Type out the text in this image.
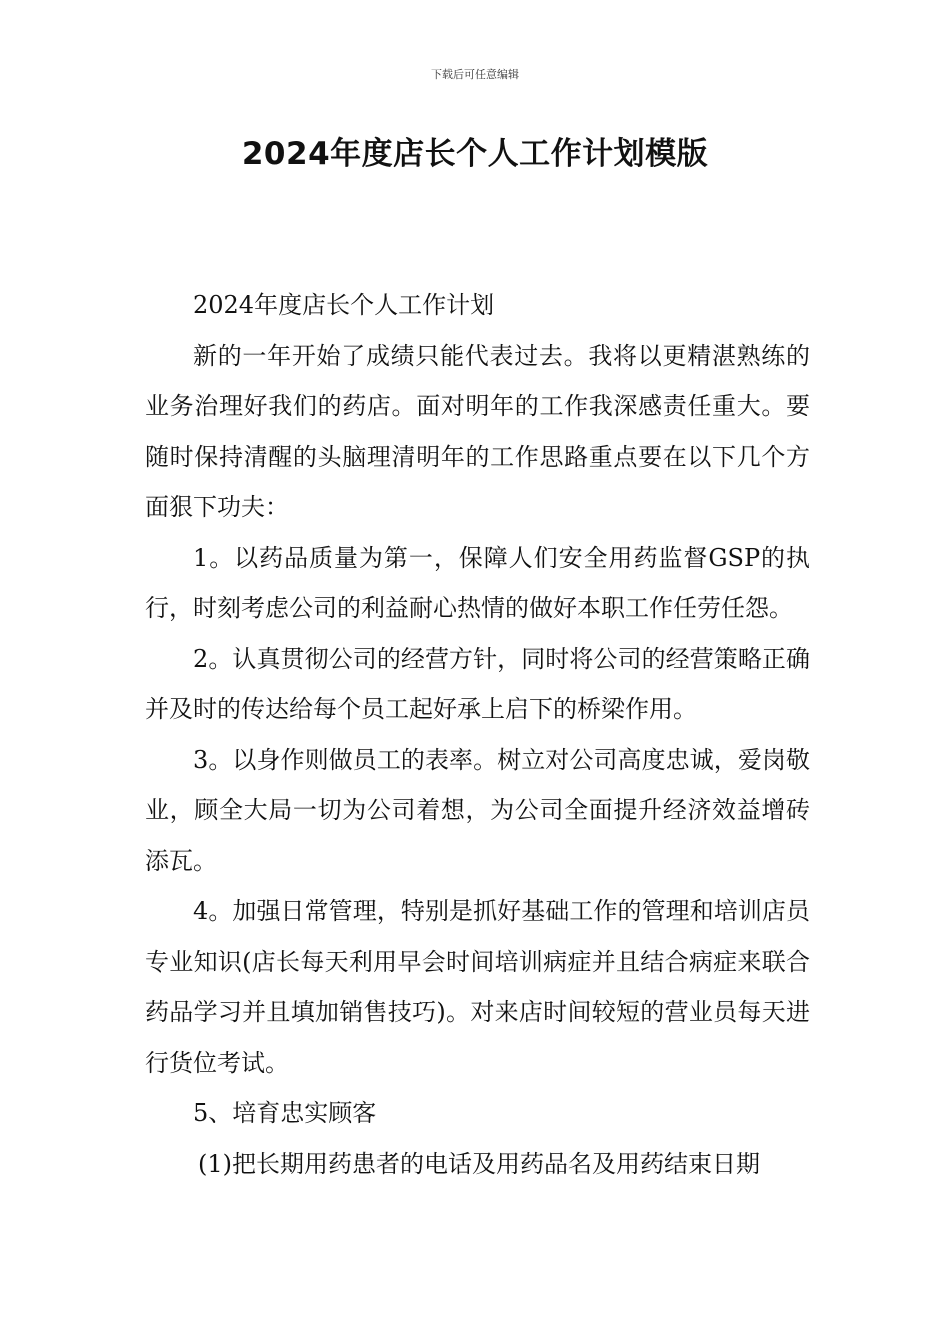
下载后可任意编辑
2024年度店长个人工作计划模版

2024年度店长个人工作计划

新的一年开始了成绩只能代表过去。我将以更精湛熟练的业务治理好我们的药店。面对明年的工作我深感责任重大。要随时保持清醒的头脑理清明年的工作思路重点要在以下几个方面狠下功夫：

1。以药品质量为第一，保障人们安全用药监督GSP的执行，时刻考虑公司的利益耐心热情的做好本职工作任劳任怨。

2。认真贯彻公司的经营方针，同时将公司的经营策略正确并及时的传达给每个员工起好承上启下的桥梁作用。

3。以身作则做员工的表率。树立对公司高度忠诚，爱岗敬业，顾全大局一切为公司着想，为公司全面提升经济效益增砖添瓦。

4。加强日常管理，特别是抓好基础工作的管理和培训店员专业知识(店长每天利用早会时间培训病症并且结合病症来联合药品学习并且填加销售技巧)。对来店时间较短的营业员每天进行货位考试。

5、培育忠实顾客

(1)把长期用药患者的电话及用药品名及用药结束日期
